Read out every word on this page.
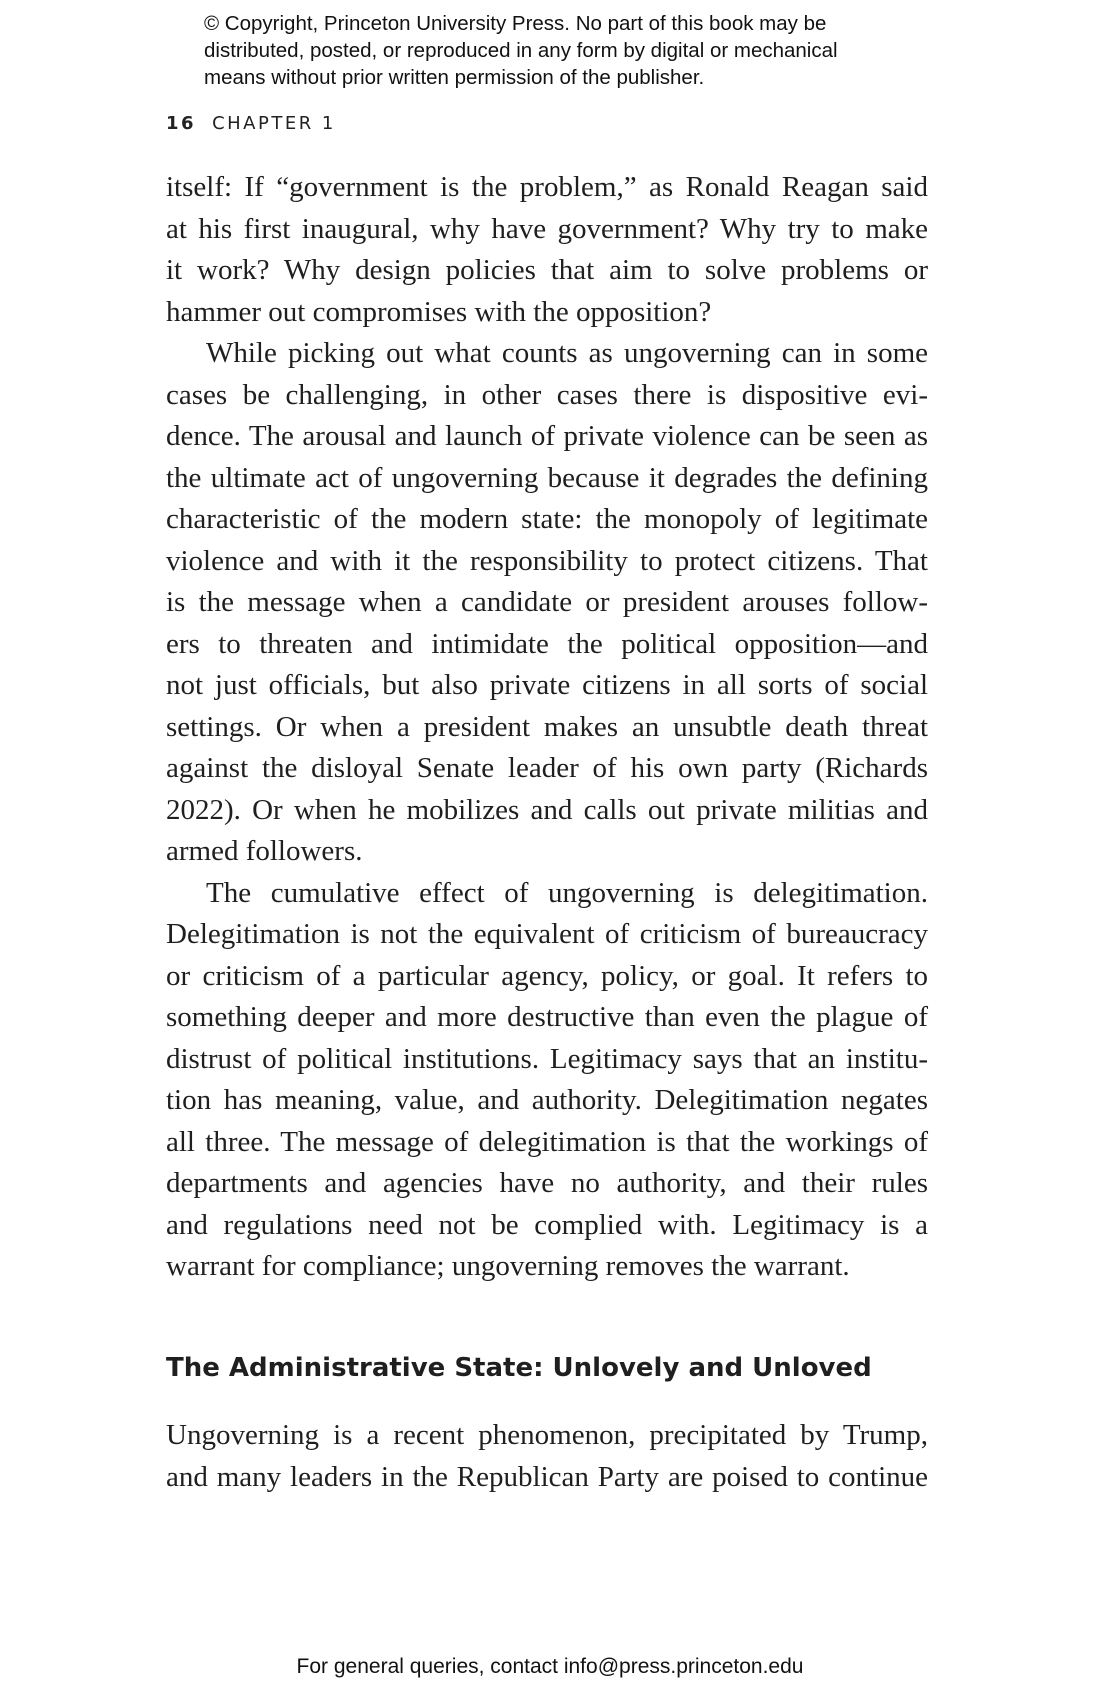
© Copyright, Princeton University Press. No part of this book may be
distributed, posted, or reproduced in any form by digital or mechanical
means without prior written permission of the publisher.
16 CHAPTER 1
itself: If “government is the problem,” as Ronald Reagan said
at his first inaugural, why have government? Why try to make
it work? Why design policies that aim to solve problems or
hammer out compromises with the opposition?
While picking out what counts as ungoverning can in some
cases be challenging, in other cases there is dispositive evi-
dence. The arousal and launch of private violence can be seen as
the ultimate act of ungoverning because it degrades the defining
characteristic of the modern state: the monopoly of legitimate
violence and with it the responsibility to protect citizens. That
is the message when a candidate or president arouses follow-
ers to threaten and intimidate the political opposition—and
not just officials, but also private citizens in all sorts of social
settings. Or when a president makes an unsubtle death threat
against the disloyal Senate leader of his own party (Richards
2022). Or when he mobilizes and calls out private militias and
armed followers.
The cumulative effect of ungoverning is delegitimation.
Delegitimation is not the equivalent of criticism of bureaucracy
or criticism of a particular agency, policy, or goal. It refers to
something deeper and more destructive than even the plague of
distrust of political institutions. Legitimacy says that an institu-
tion has meaning, value, and authority. Delegitimation negates
all three. The message of delegitimation is that the workings of
departments and agencies have no authority, and their rules
and regulations need not be complied with. Legitimacy is a
warrant for compliance; ungoverning removes the warrant.
The Administrative State: Unlovely and Unloved
Ungoverning is a recent phenomenon, precipitated by Trump,
and many leaders in the Republican Party are poised to continue
For general queries, contact info@press.princeton.edu
